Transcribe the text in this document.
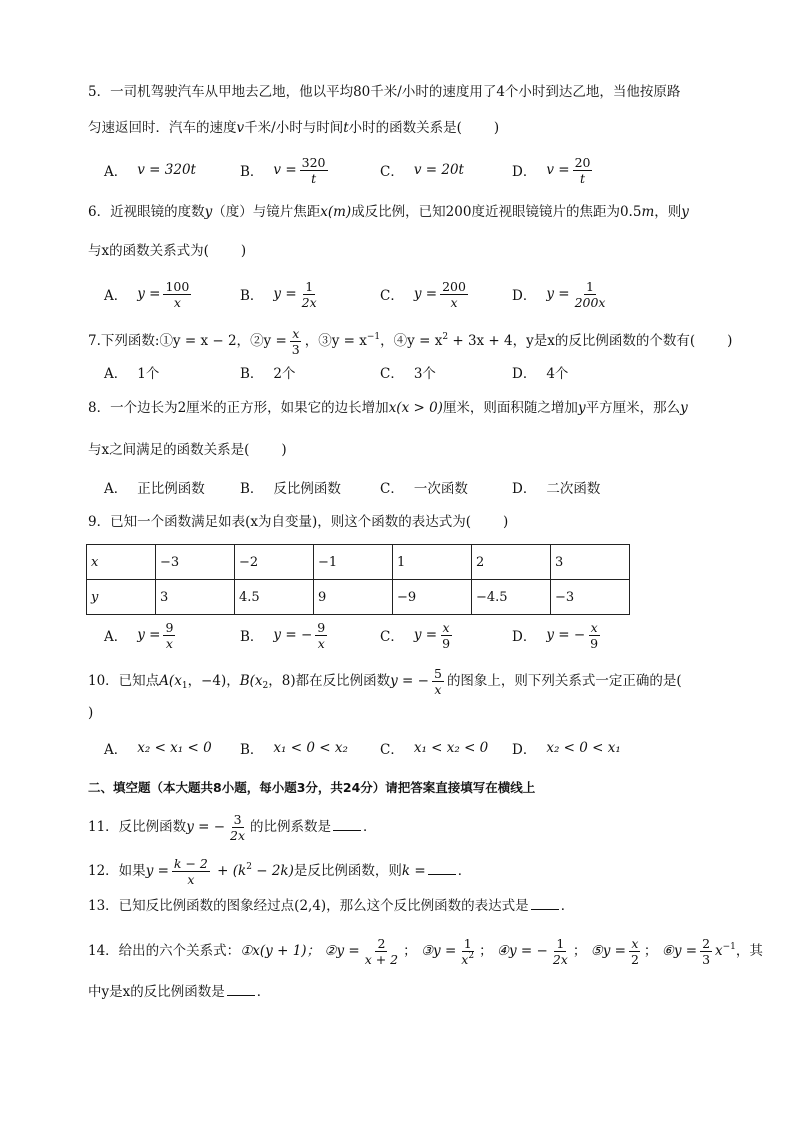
5．一司机驾驶汽车从甲地去乙地，他以平均80千米/小时的速度用了4个小时到达乙地，当他按原路
匀速返回时．汽车的速度v千米/小时与时间t小时的函数关系是( )
A． v = 320t	B． $v = \frac{320}{t}$	C． v = 20t	D． $v = \frac{20}{t}$
6．近视眼镜的度数y（度）与镜片焦距x(m)成反比例，已知200度近视眼镜镜片的焦距为0.5m，则y
与x的函数关系式为( )
A． $y = \frac{100}{x}$	B． $y = \frac{1}{2x}$	C． $y = \frac{200}{x}$	D． $y = \frac{1}{200x}$
7.下列函数:①y = x − 2，②y = $\frac{x}{3}$ ，③y = $x^{-1}$，④y = $x^2 + 3x + 4$，y是x的反比例函数的个数有( )
A． 1个	B． 2个	C． 3个	D． 4个
8．一个边长为2厘米的正方形，如果它的边长增加x(x > 0)厘米，则面积随之增加y平方厘米，那么y
与x之间满足的函数关系是( )
A． 正比例函数	B． 反比例函数	C． 一次函数	D． 二次函数
9．已知一个函数满足如表(x为自变量)，则这个函数的表达式为( )
x	−3	−2	−1	1	2	3
y	3	4.5	9	−9	−4.5	−3
A． $y = \frac{9}{x}$	B． y = − $\frac{9}{x}$	C． $y = \frac{x}{9}$	D． y = − $\frac{x}{9}$
10．已知点$A(x_1$，−4)，$B(x_2$，8)都在反比例函数y = − $\frac{5}{x}$ 的图象上，则下列关系式一定正确的是(
)
A． x₂ < x₁ < 0 B． x₁ < 0 < x₂ C． x₁ < x₂ < 0 D． x₂ < 0 < x₁
二、填空题（本大题共8小题，每小题3分，共24分）请把答案直接填写在横线上
11．反比例函数y = − $\frac{3}{2x}$ 的比例系数是 ．
12．如果$y = \frac{k - 2}{x} + (k^2 - 2k)$是反比例函数，则k = ．
13．已知反比例函数的图象经过点(2,4)，那么这个反比例函数的表达式是 ．
14．给出的六个关系式：①x(y + 1)； ②y = $\frac{2}{x + 2}$ ； ③y = $\frac{1}{x^2}$ ； ④y = − $\frac{1}{2x}$ ； ⑤y = $\frac{x}{2}$ ； ⑥y = $\frac{2}{3} x^{-1}$，其
中y是x的反比例函数是 ．
